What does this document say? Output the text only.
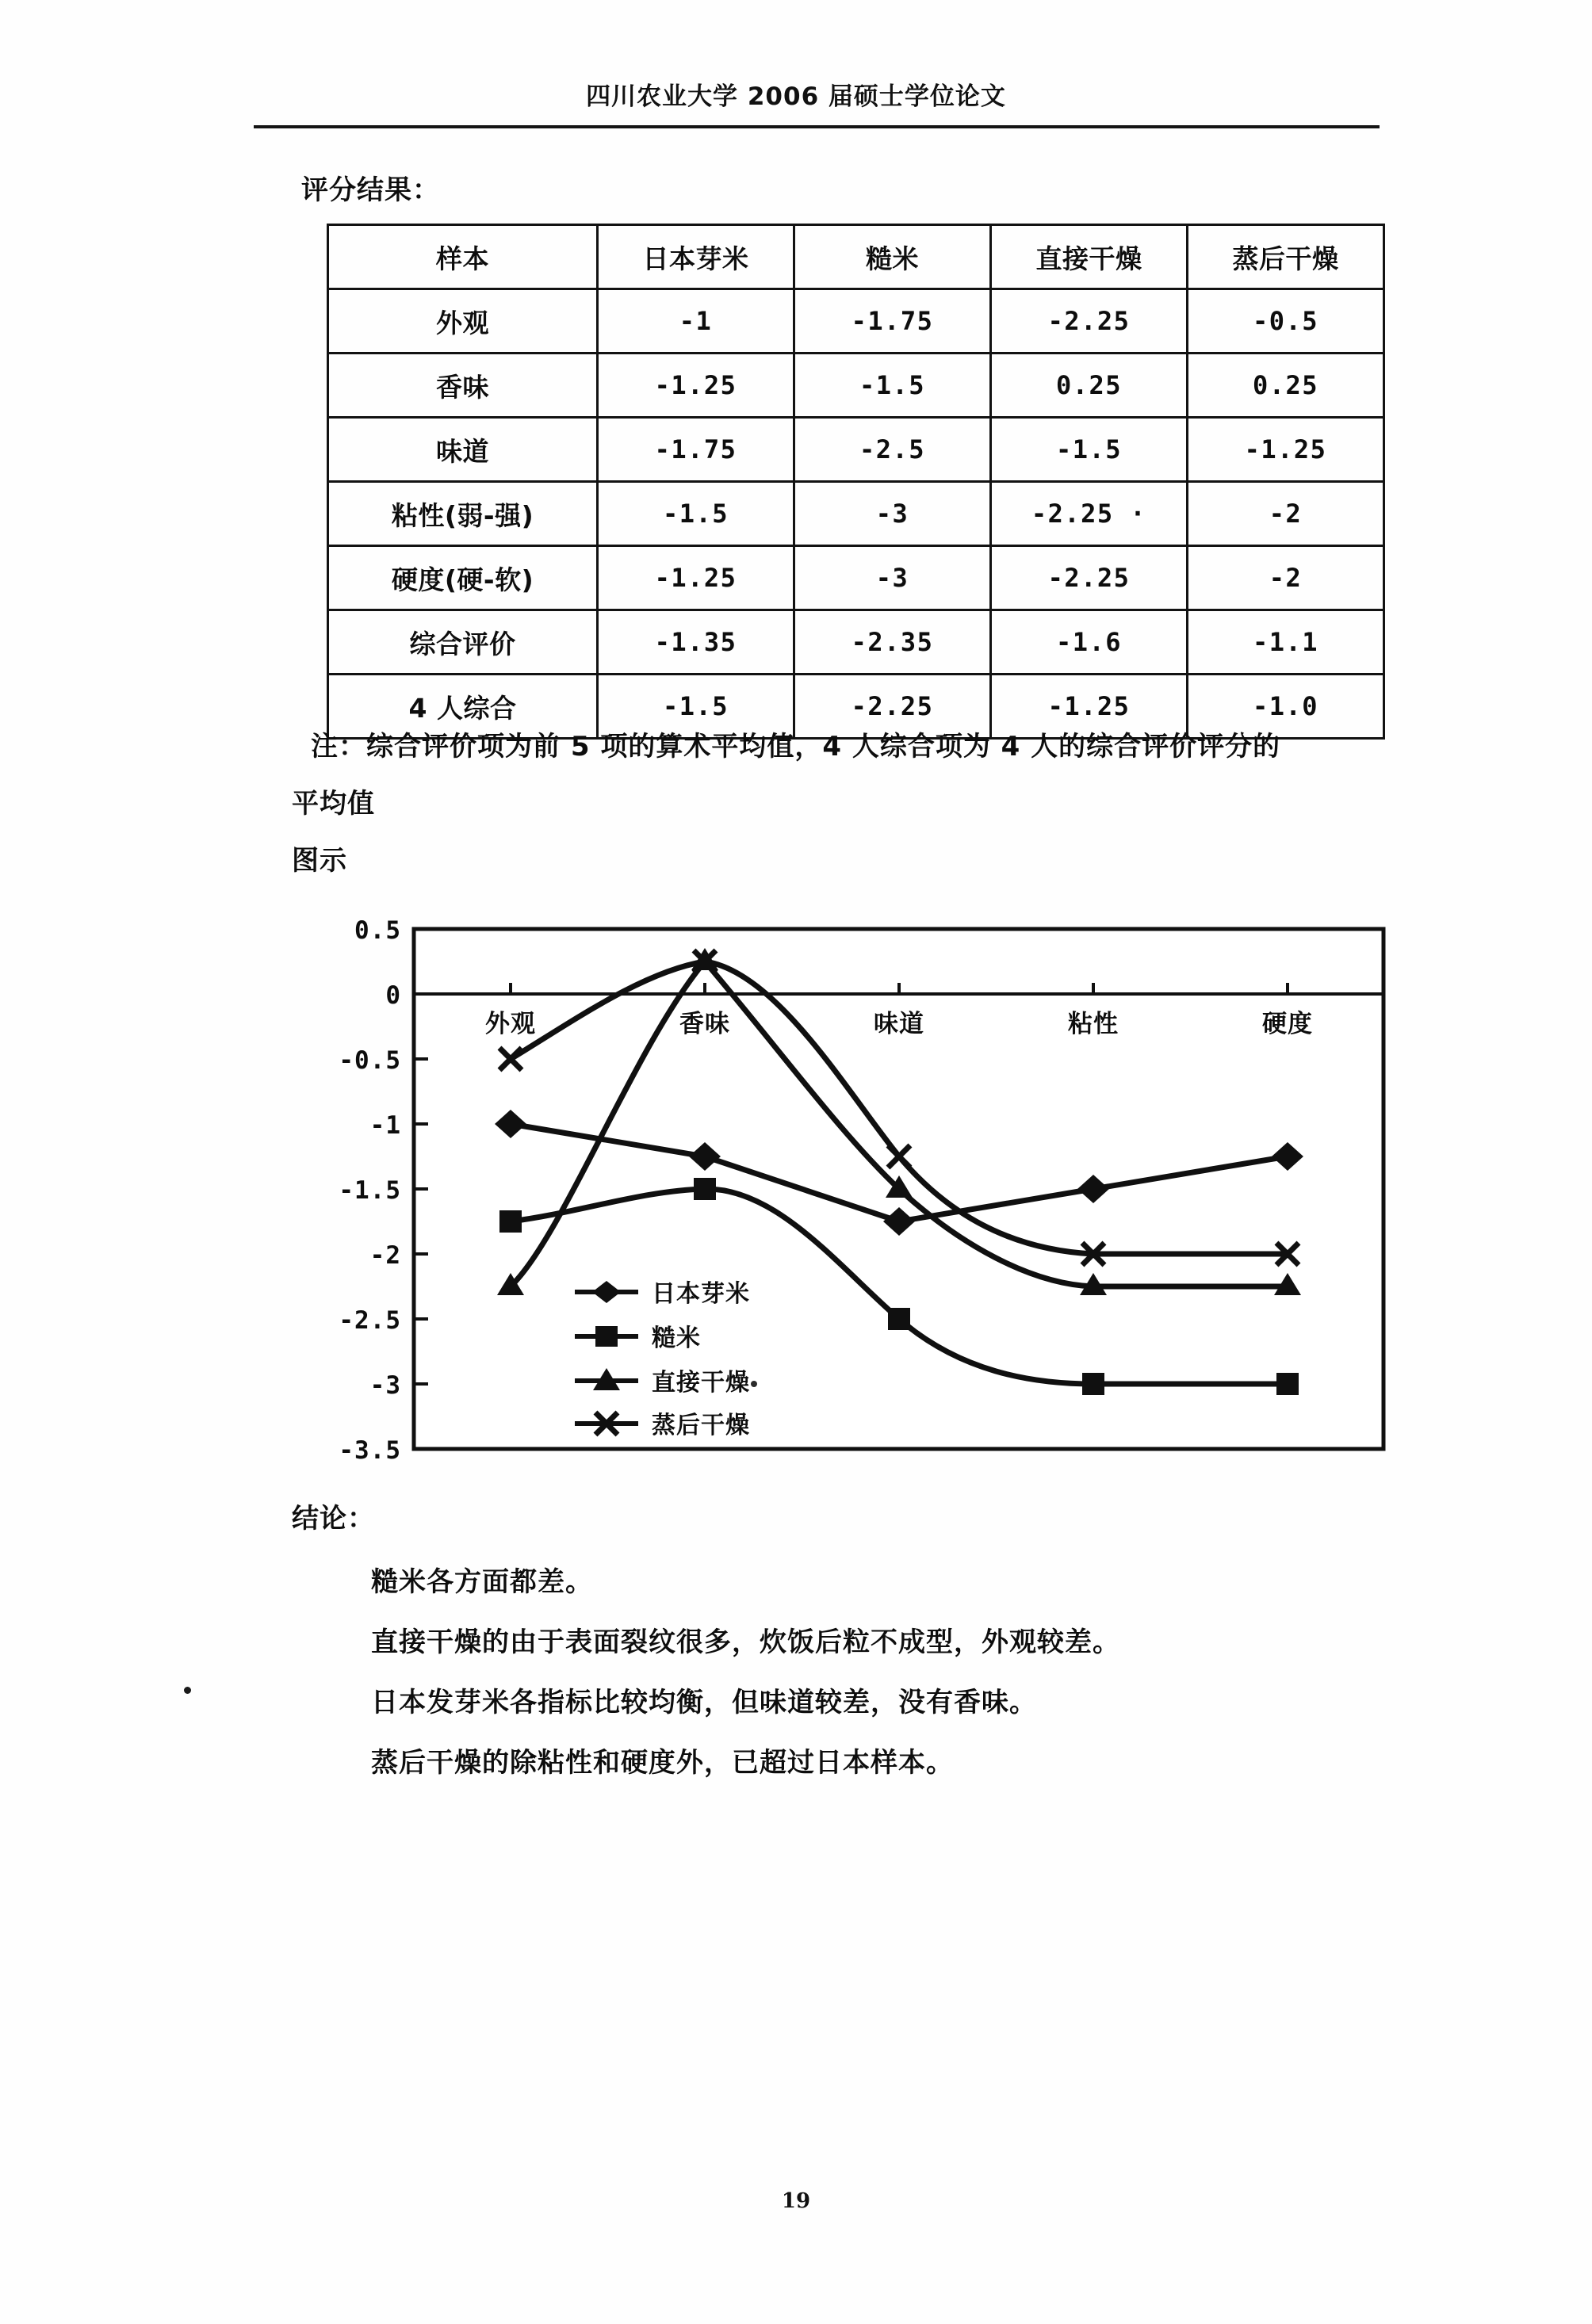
四川农业大学 2006 届硕士学位论文
评分结果：
样本	日本芽米	糙米	直接干燥	蒸后干燥
外观	-1	-1.75	-2.25	-0.5
香味	-1.25	-1.5	0.25	0.25
味道	-1.75	-2.5	-1.5	-1.25
粘性(弱-强)	-1.5	-3	-2.25 ·	-2
硬度(硬-软)	-1.25	-3	-2.25	-2
综合评价	-1.35	-2.35	-1.6	-1.1
4 人综合	-1.5	-2.25	-1.25	-1.0
注：综合评价项为前 5 项的算术平均值，4 人综合项为 4 人的综合评价评分的
平均值
图示
0.5
0
-0.5
-1
-1.5
-2
-2.5
-3
-3.5
外观	香味	味道	粘性	硬度
日本芽米
糙米
直接干燥
蒸后干燥
结论：
糙米各方面都差。
直接干燥的由于表面裂纹很多，炊饭后粒不成型，外观较差。
日本发芽米各指标比较均衡，但味道较差，没有香味。
蒸后干燥的除粘性和硬度外，已超过日本样本。
19
